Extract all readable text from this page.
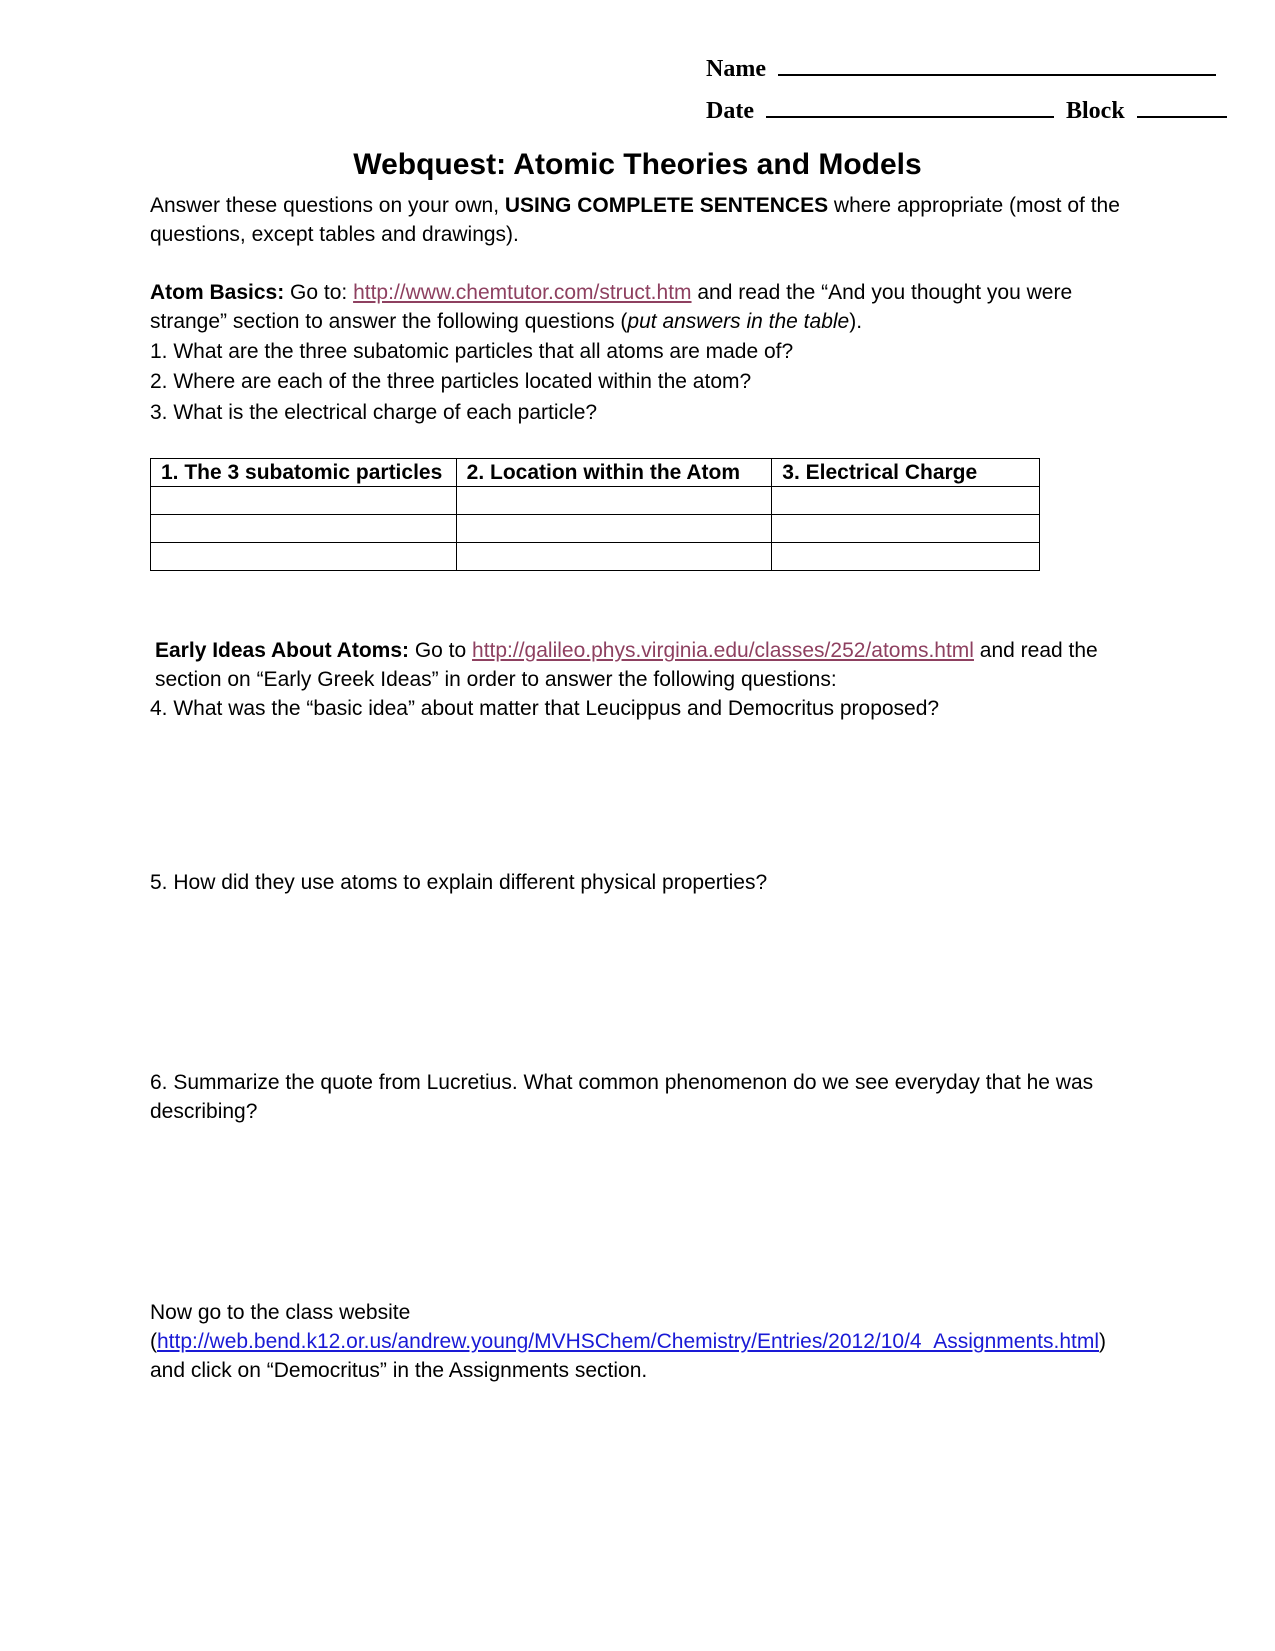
Name
Date	Block
Webquest: Atomic Theories and Models
Answer these questions on your own, USING COMPLETE SENTENCES where appropriate (most of the questions, except tables and drawings).
Atom Basics: Go to: http://www.chemtutor.com/struct.htm and read the “And you thought you were strange” section to answer the following questions (put answers in the table).
1. What are the three subatomic particles that all atoms are made of?
2. Where are each of the three particles located within the atom?
3. What is the electrical charge of each particle?
1. The 3 subatomic particles	2. Location within the Atom	3. Electrical Charge

Early Ideas About Atoms: Go to http://galileo.phys.virginia.edu/classes/252/atoms.html and read the section on “Early Greek Ideas” in order to answer the following questions:
4. What was the “basic idea” about matter that Leucippus and Democritus proposed?
5. How did they use atoms to explain different physical properties?
6. Summarize the quote from Lucretius. What common phenomenon do we see everyday that he was describing?
Now go to the class website
(http://web.bend.k12.or.us/andrew.young/MVHSChem/Chemistry/Entries/2012/10/4_Assignments.html) and click on “Democritus” in the Assignments section.
